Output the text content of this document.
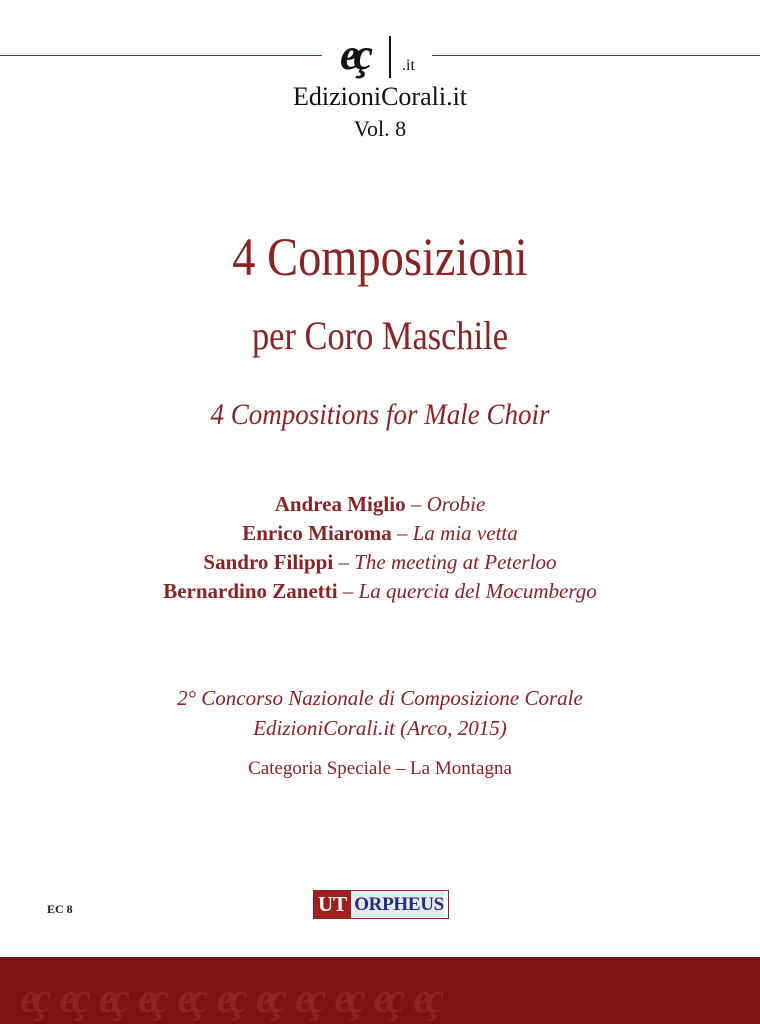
eç .it
EdizioniCorali.it
Vol. 8
4 Composizioni
per Coro Maschile
4 Compositions for Male Choir
Andrea Miglio – Orobie
Enrico Miaroma – La mia vetta
Sandro Filippi – The meeting at Peterloo
Bernardino Zanetti – La quercia del Mocumbergo
2° Concorso Nazionale di Composizione Corale
EdizioniCorali.it (Arco, 2015)
Categoria Speciale – La Montagna
EC 8	UT ORPHEUS
eç eç eç eç eç eç eç eç eç eç eç
